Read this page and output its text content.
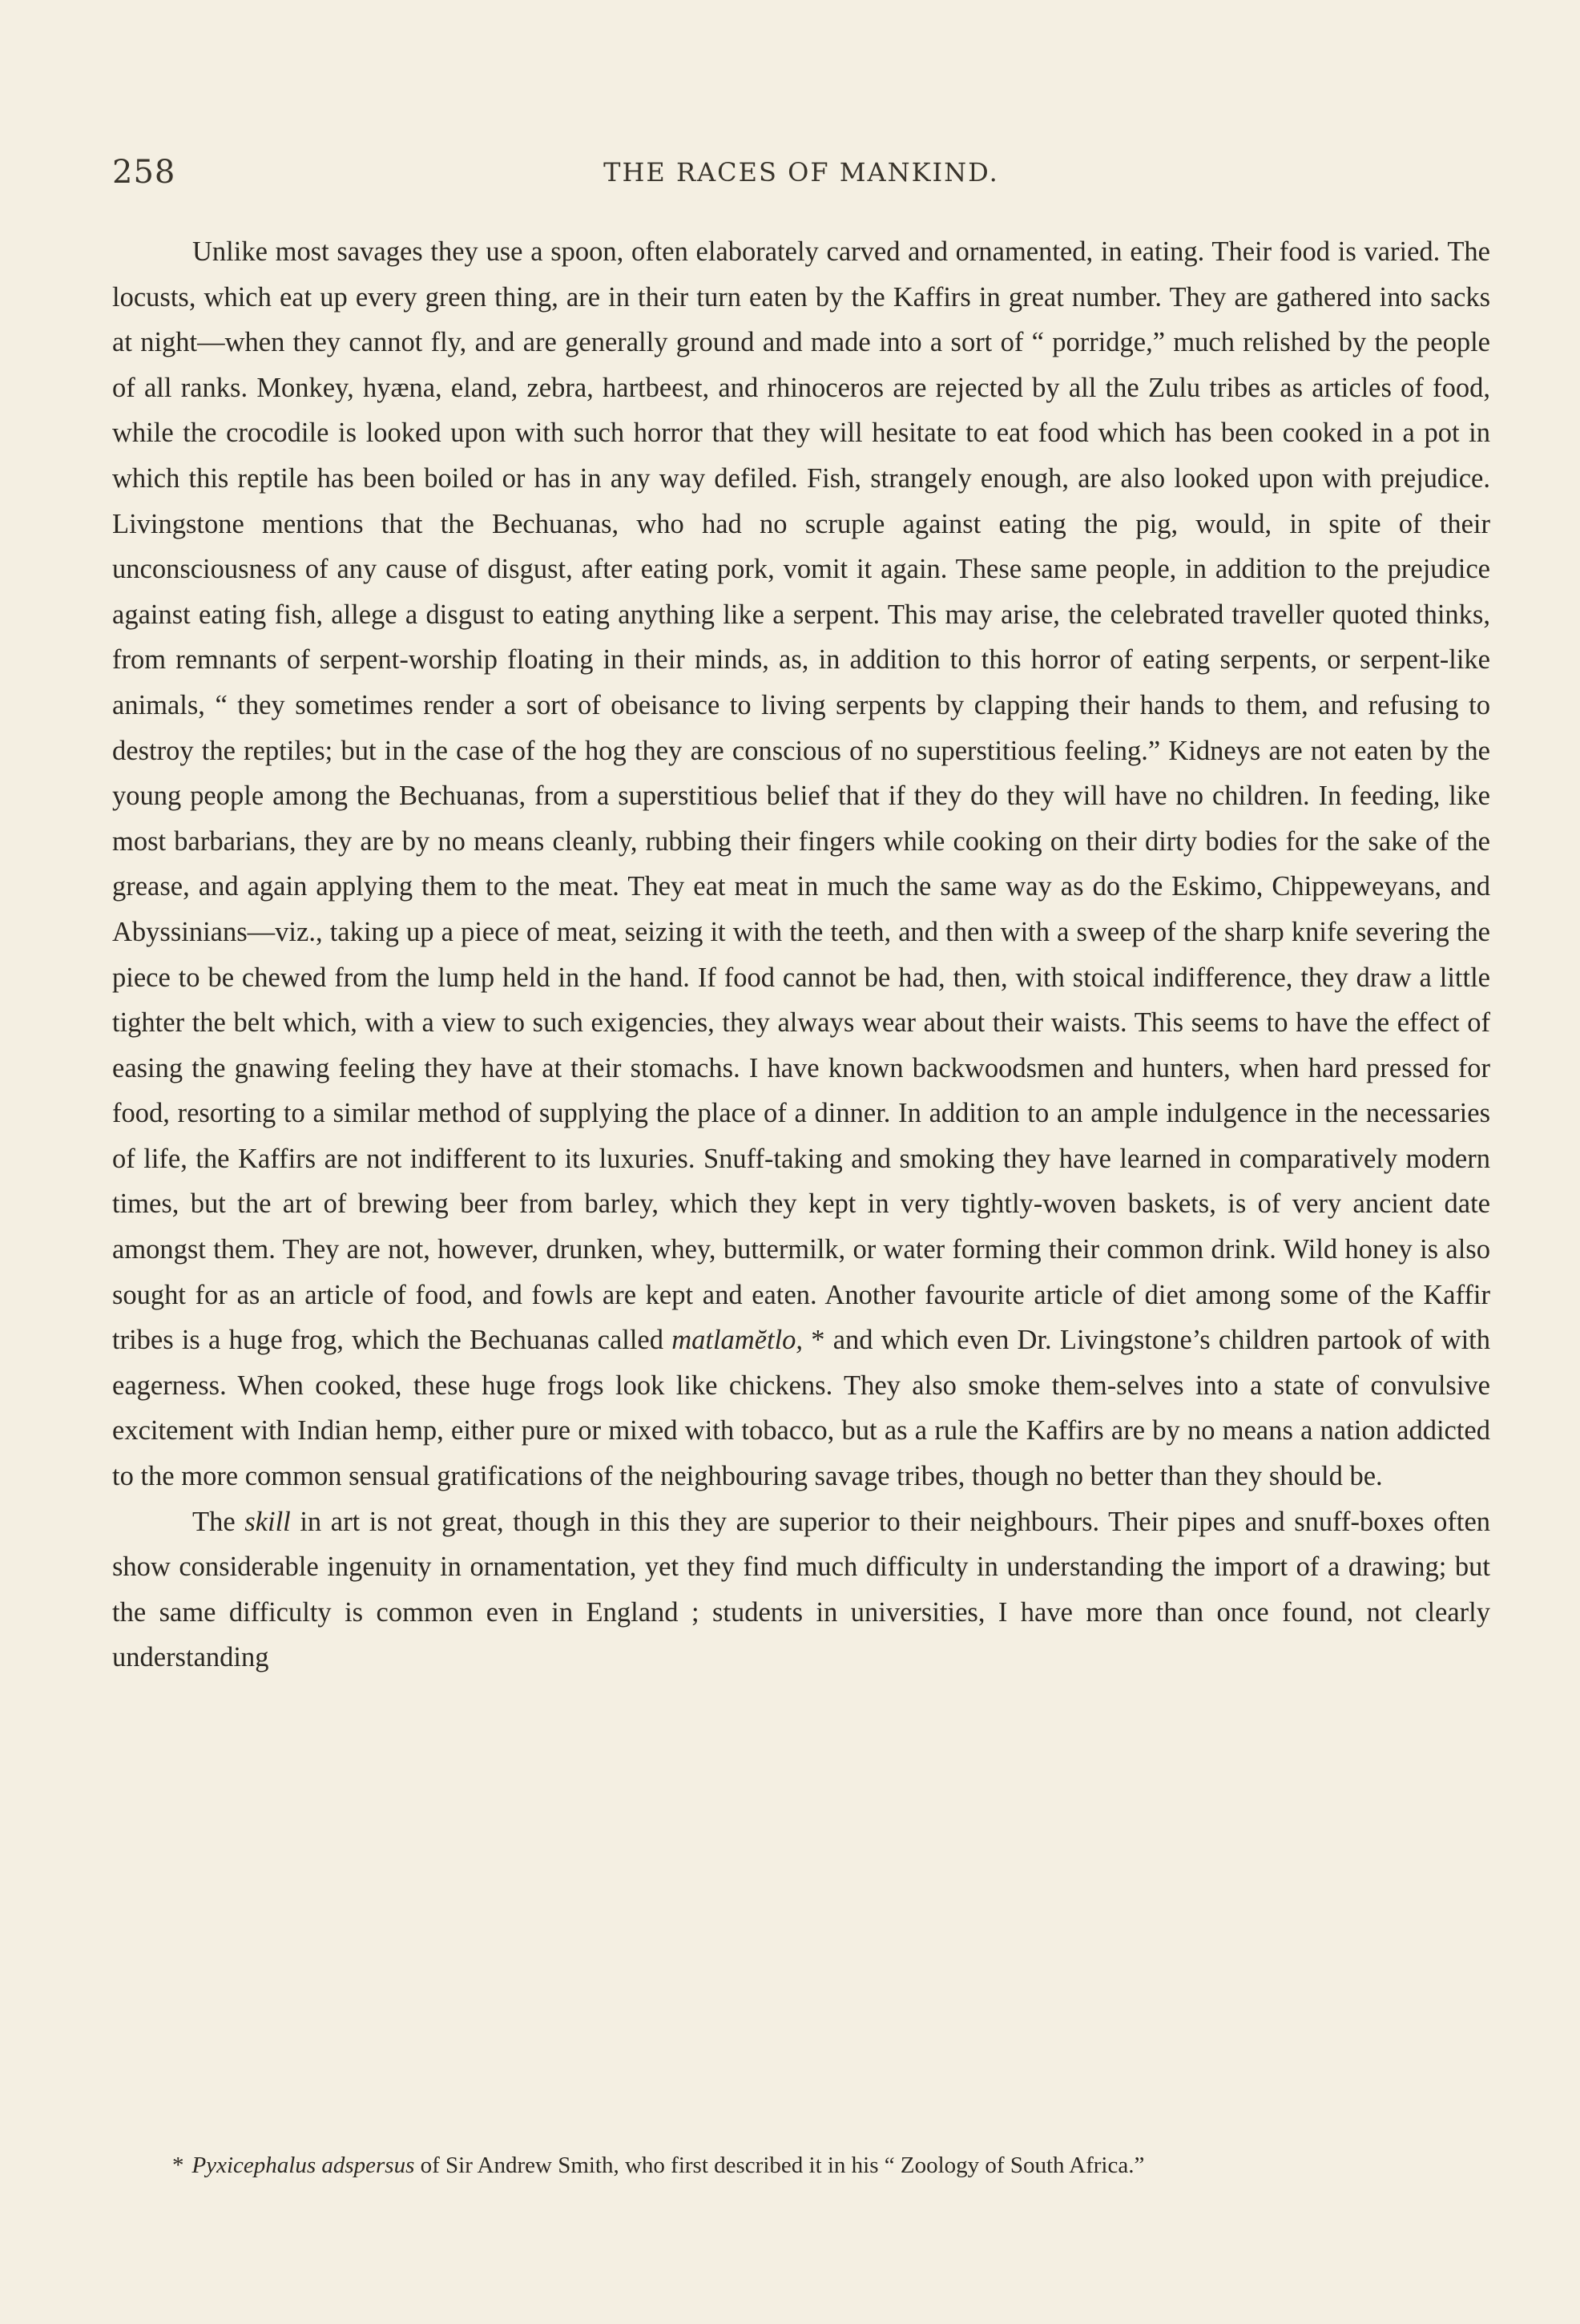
258	THE RACES OF MANKIND.

Unlike most savages they use a spoon, often elaborately carved and ornamented, in eating. Their food is varied. The locusts, which eat up every green thing, are in their turn eaten by the Kaffirs in great number. They are gathered into sacks at night—when they cannot fly, and are generally ground and made into a sort of “ porridge,” much relished by the people of all ranks. Monkey, hyæna, eland, zebra, hartbeest, and rhinoceros are rejected by all the Zulu tribes as articles of food, while the crocodile is looked upon with such horror that they will hesitate to eat food which has been cooked in a pot in which this reptile has been boiled or has in any way defiled. Fish, strangely enough, are also looked upon with prejudice. Livingstone mentions that the Bechuanas, who had no scruple against eating the pig, would, in spite of their unconsciousness of any cause of disgust, after eating pork, vomit it again. These same people, in addition to the prejudice against eating fish, allege a disgust to eating anything like a serpent. This may arise, the celebrated traveller quoted thinks, from remnants of serpent-worship floating in their minds, as, in addition to this horror of eating serpents, or serpent-like animals, “ they sometimes render a sort of obeisance to living serpents by clapping their hands to them, and refusing to destroy the reptiles; but in the case of the hog they are conscious of no superstitious feeling.” Kidneys are not eaten by the young people among the Bechuanas, from a superstitious belief that if they do they will have no children. In feeding, like most barbarians, they are by no means cleanly, rubbing their fingers while cooking on their dirty bodies for the sake of the grease, and again applying them to the meat. They eat meat in much the same way as do the Eskimo, Chippeweyans, and Abyssinians—viz., taking up a piece of meat, seizing it with the teeth, and then with a sweep of the sharp knife severing the piece to be chewed from the lump held in the hand. If food cannot be had, then, with stoical indifference, they draw a little tighter the belt which, with a view to such exigencies, they always wear about their waists. This seems to have the effect of easing the gnawing feeling they have at their stomachs. I have known backwoodsmen and hunters, when hard pressed for food, resorting to a similar method of supplying the place of a dinner. In addition to an ample indulgence in the necessaries of life, the Kaffirs are not indifferent to its luxuries. Snuff-taking and smoking they have learned in comparatively modern times, but the art of brewing beer from barley, which they kept in very tightly-woven baskets, is of very ancient date amongst them. They are not, however, drunken, whey, buttermilk, or water forming their common drink. Wild honey is also sought for as an article of food, and fowls are kept and eaten. Another favourite article of diet among some of the Kaffir tribes is a huge frog, which the Bechuanas called matlamĕtlo, * and which even Dr. Livingstone’s children partook of with eagerness. When cooked, these huge frogs look like chickens. They also smoke them-selves into a state of convulsive excitement with Indian hemp, either pure or mixed with tobacco, but as a rule the Kaffirs are by no means a nation addicted to the more common sensual gratifications of the neighbouring savage tribes, though no better than they should be.

The skill in art is not great, though in this they are superior to their neighbours. Their pipes and snuff-boxes often show considerable ingenuity in ornamentation, yet they find much difficulty in understanding the import of a drawing; but the same difficulty is common even in England ; students in universities, I have more than once found, not clearly understanding

* Pyxicephalus adspersus of Sir Andrew Smith, who first described it in his “ Zoology of South Africa.”
